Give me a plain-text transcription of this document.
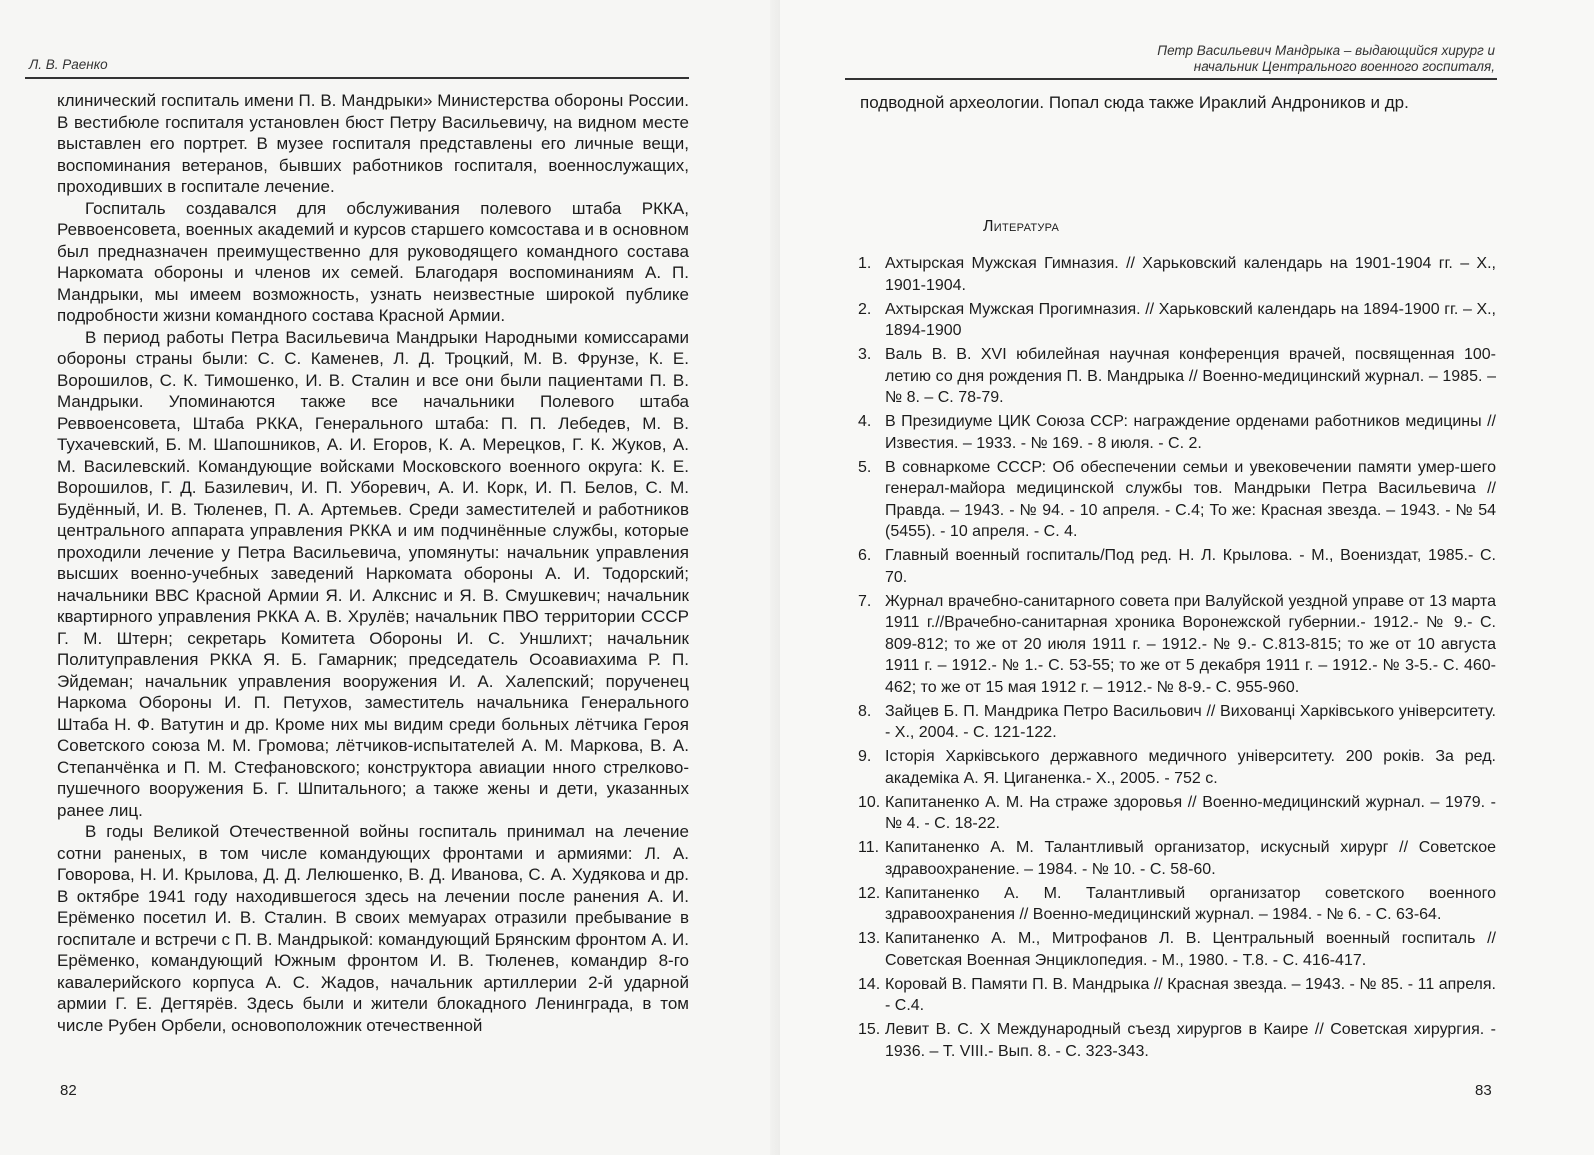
Л. В. Раенко

клинический госпиталь имени П. В. Мандрыки» Министерства обороны России. В вестибюле госпиталя установлен бюст Петру Васильевичу, на видном месте выставлен его портрет. В музее госпиталя представлены его личные вещи, воспоминания ветеранов, бывших работников госпиталя, военнослужащих, проходивших в госпитале лечение.

Госпиталь создавался для обслуживания полевого штаба РККА, Реввоенсовета, военных академий и курсов старшего комсостава и в основном был предназначен преимущественно для руководящего командного состава Наркомата обороны и членов их семей. Благодаря воспоминаниям А. П. Мандрыки, мы имеем возможность, узнать неизвестные широкой публике подробности жизни командного состава Красной Армии.

В период работы Петра Васильевича Мандрыки Народными комиссарами обороны страны были: С. С. Каменев, Л. Д. Троцкий, М. В. Фрунзе, К. Е. Ворошилов, С. К. Тимошенко, И. В. Сталин и все они были пациентами П. В. Мандрыки. Упоминаются также все начальники Полевого штаба Реввоенсовета, Штаба РККА, Генерального штаба: П. П. Лебедев, М. В. Тухачевский, Б. М. Шапошников, А. И. Егоров, К. А. Мерецков, Г. К. Жуков, А. М. Василевский. Командующие войсками Московского военного округа: К. Е. Ворошилов, Г. Д. Базилевич, И. П. Уборевич, А. И. Корк, И. П. Белов, С. М. Будённый, И. В. Тюленев, П. А. Артемьев. Среди заместителей и работников центрального аппарата управления РККА и им подчинённые службы, которые проходили лечение у Петра Васильевича, упомянуты: начальник управления высших военно-учебных заведений Наркомата обороны А. И. Тодорский; начальники ВВС Красной Армии Я. И. Алкснис и Я. В. Смушкевич; начальник квартирного управления РККА А. В. Хрулёв; начальник ПВО территории СССР Г. М. Штерн; секретарь Комитета Обороны И. С. Уншлихт; начальник Политуправления РККА Я. Б. Гамарник; председатель Осоавиахима Р. П. Эйдеман; начальник управления вооружения И. А. Халепский; порученец Наркома Обороны И. П. Петухов, заместитель начальника Генерального Штаба Н. Ф. Ватутин и др. Кроме них мы видим среди больных лётчика Героя Советского союза М. М. Громова; лётчиков-испытателей А. М. Маркова, В. А. Степанчёнка и П. М. Стефановского; конструктора авиации нного стрелково-пушечного вооружения Б. Г. Шпитального; а также жены и дети, указанных ранее лиц.

В годы Великой Отечественной войны госпиталь принимал на лечение сотни раненых, в том числе командующих фронтами и армиями: Л. А. Говорова, Н. И. Крылова, Д. Д. Лелюшенко, В. Д. Иванова, С. А. Худякова и др. В октябре 1941 году находившегося здесь на лечении после ранения А. И. Ерёменко посетил И. В. Сталин. В своих мемуарах отразили пребывание в госпитале и встречи с П. В. Мандрыкой: командующий Брянским фронтом А. И. Ерёменко, командующий Южным фронтом И. В. Тюленев, командир 8-го кавалерийского корпуса А. С. Жадов, начальник артиллерии 2-й ударной армии Г. Е. Дегтярёв. Здесь были и жители блокадного Ленинграда, в том числе Рубен Орбели, основоположник отечественной

82
Петр Васильевич Мандрыка – выдающийся хирург и
начальник Центрального военного госпиталя,
подводной археологии. Попал сюда также Ираклий Андроников и др.
Литература
1. Ахтырская Мужская Гимназия. // Харьковский календарь на 1901-1904 гг. – Х., 1901-1904.
2. Ахтырская Мужская Прогимназия. // Харьковский календарь на 1894-1900 гг. – Х., 1894-1900
3. Валь В. В. XVI юбилейная научная конференция врачей, посвященная 100-летию со дня рождения П. В. Мандрыка // Военно-медицинский журнал. – 1985. – № 8. – С. 78-79.
4. В Президиуме ЦИК Союза ССР: награждение орденами работников медицины // Известия. – 1933. - № 169. - 8 июля. - С. 2.
5. В совнаркоме СССР: Об обеспечении семьи и увековечении памяти умер-шего генерал-майора медицинской службы тов. Мандрыки Петра Васильевича // Правда. – 1943. - № 94. - 10 апреля. - С.4; То же: Красная звезда. – 1943. - № 54 (5455). - 10 апреля. - С. 4.
6. Главный военный госпиталь/Под ред. Н. Л. Крылова. - М., Воениздат, 1985.- С. 70.
7. Журнал врачебно-санитарного совета при Валуйской уездной управе от 13 марта 1911 г.//Врачебно-санитарная хроника Воронежской губернии.- 1912.- № 9.- С. 809-812; то же от 20 июля 1911 г. – 1912.- № 9.- С.813-815; то же от 10 августа 1911 г. – 1912.- № 1.- С. 53-55; то же от 5 декабря 1911 г. – 1912.- № 3-5.- С. 460-462; то же от 15 мая 1912 г. – 1912.- № 8-9.- С. 955-960.
8. Зайцев Б. П. Мандрика Петро Васильович // Вихованці Харківського університету. - Х., 2004. - С. 121-122.
9. Історія Харківського державного медичного університету. 200 років. За ред. академіка А. Я. Циганенка.- Х., 2005. - 752 с.
10. Капитаненко А. М. На страже здоровья // Военно-медицинский журнал. – 1979. - № 4. - С. 18-22.
11. Капитаненко А. М. Талантливый организатор, искусный хирург // Советское здравоохранение. – 1984. - № 10. - С. 58-60.
12. Капитаненко А. М. Талантливый организатор советского военного здравоохранения // Военно-медицинский журнал. – 1984. - № 6. - С. 63-64.
13. Капитаненко А. М., Митрофанов Л. В. Центральный военный госпиталь // Советская Военная Энциклопедия. - М., 1980. - Т.8. - С. 416-417.
14. Коровай В. Памяти П. В. Мандрыка // Красная звезда. – 1943. - № 85. - 11 апреля. - С.4.
15. Левит В. С. X Международный съезд хирургов в Каире // Советская хирургия. - 1936. – Т. VIII.- Вып. 8. - С. 323-343.
83
